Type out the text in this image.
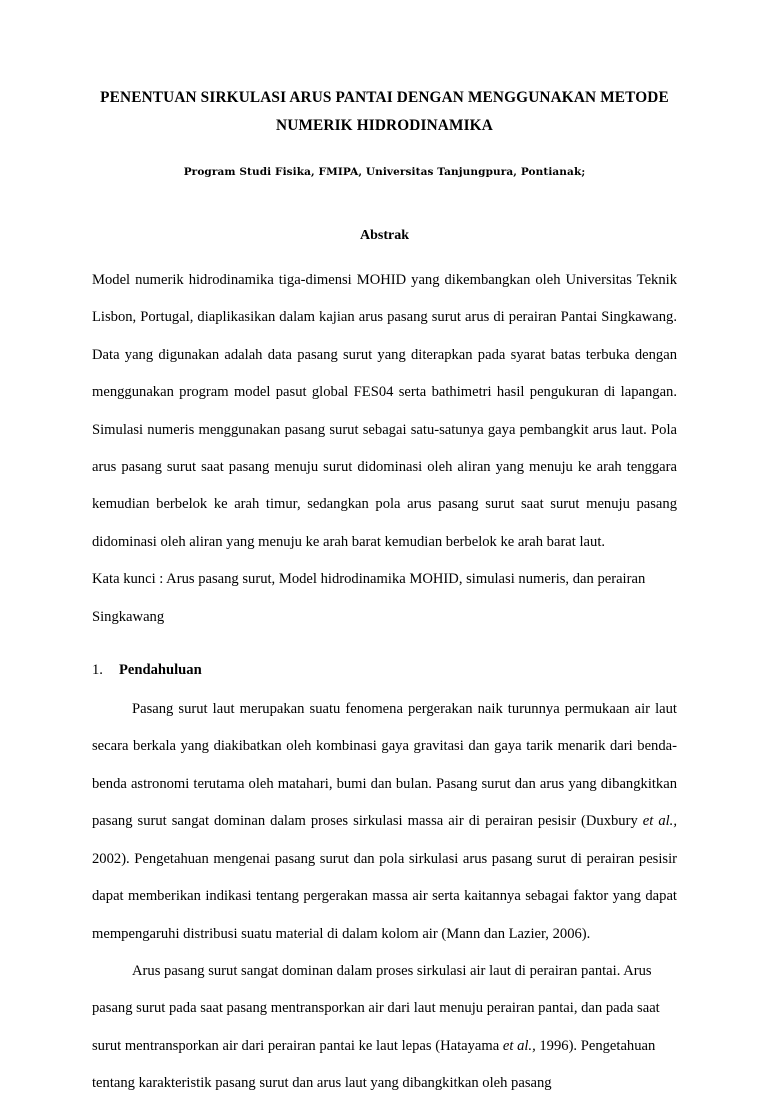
PENENTUAN SIRKULASI ARUS PANTAI DENGAN MENGGUNAKAN METODE
NUMERIK HIDRODINAMIKA
Program Studi Fisika, FMIPA, Universitas Tanjungpura, Pontianak;
Abstrak

Model numerik hidrodinamika tiga-dimensi MOHID yang dikembangkan oleh Universitas Teknik Lisbon, Portugal, diaplikasikan dalam kajian arus pasang surut arus di perairan Pantai Singkawang. Data yang digunakan adalah data pasang surut yang diterapkan pada syarat batas terbuka dengan menggunakan program model pasut global FES04 serta bathimetri hasil pengukuran di lapangan. Simulasi numeris menggunakan pasang surut sebagai satu-satunya gaya pembangkit arus laut. Pola arus pasang surut saat pasang menuju surut didominasi oleh aliran yang menuju ke arah tenggara kemudian berbelok ke arah timur, sedangkan pola arus pasang surut saat surut menuju pasang didominasi oleh aliran yang menuju ke arah barat kemudian berbelok ke arah barat laut.

Kata kunci : Arus pasang surut, Model hidrodinamika MOHID, simulasi numeris, dan perairan Singkawang

1. Pendahuluan

Pasang surut laut merupakan suatu fenomena pergerakan naik turunnya permukaan air laut secara berkala yang diakibatkan oleh kombinasi gaya gravitasi dan gaya tarik menarik dari benda-benda astronomi terutama oleh matahari, bumi dan bulan. Pasang surut dan arus yang dibangkitkan pasang surut sangat dominan dalam proses sirkulasi massa air di perairan pesisir (Duxbury et al., 2002). Pengetahuan mengenai pasang surut dan pola sirkulasi arus pasang surut di perairan pesisir dapat memberikan indikasi tentang pergerakan massa air serta kaitannya sebagai faktor yang dapat mempengaruhi distribusi suatu material di dalam kolom air (Mann dan Lazier, 2006).

Arus pasang surut sangat dominan dalam proses sirkulasi air laut di perairan pantai. Arus pasang surut pada saat pasang mentransporkan air dari laut menuju perairan pantai, dan pada saat surut mentransporkan air dari perairan pantai ke laut lepas (Hatayama et al., 1996). Pengetahuan tentang karakteristik pasang surut dan arus laut yang dibangkitkan oleh pasang
